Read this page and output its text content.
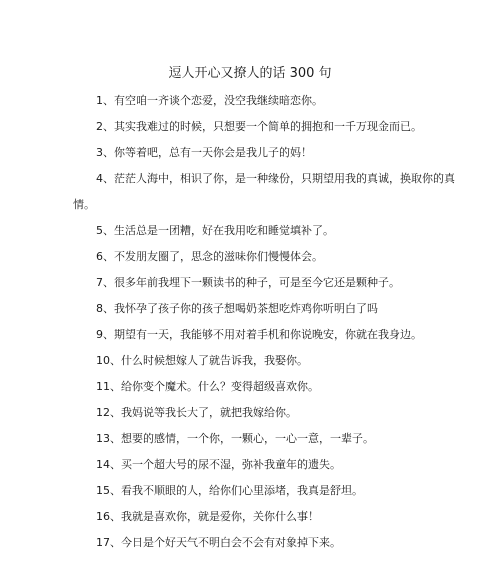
逗人开心又撩人的话 300 句
1、有空咱一齐谈个恋爱，没空我继续暗恋你。
2、其实我难过的时候，只想要一个简单的拥抱和一千万现金而已。
3、你等着吧，总有一天你会是我儿子的妈！
4、茫茫人海中，相识了你，是一种缘份，只期望用我的真诚，换取你的真
情。
5、生活总是一团糟，好在我用吃和睡觉填补了。
6、不发朋友圈了，思念的滋味你们慢慢体会。
7、很多年前我埋下一颗读书的种子，可是至今它还是颗种子。
8、我怀孕了孩子你的孩子想喝奶茶想吃炸鸡你听明白了吗
9、期望有一天，我能够不用对着手机和你说晚安，你就在我身边。
10、什么时候想嫁人了就告诉我，我娶你。
11、给你变个魔术。什么？变得超级喜欢你。
12、我妈说等我长大了，就把我嫁给你。
13、想要的感情，一个你，一颗心，一心一意，一辈子。
14、买一个超大号的尿不湿，弥补我童年的遗失。
15、看我不顺眼的人，给你们心里添堵，我真是舒坦。
16、我就是喜欢你，就是爱你，关你什么事！
17、今日是个好天气不明白会不会有对象掉下来。
